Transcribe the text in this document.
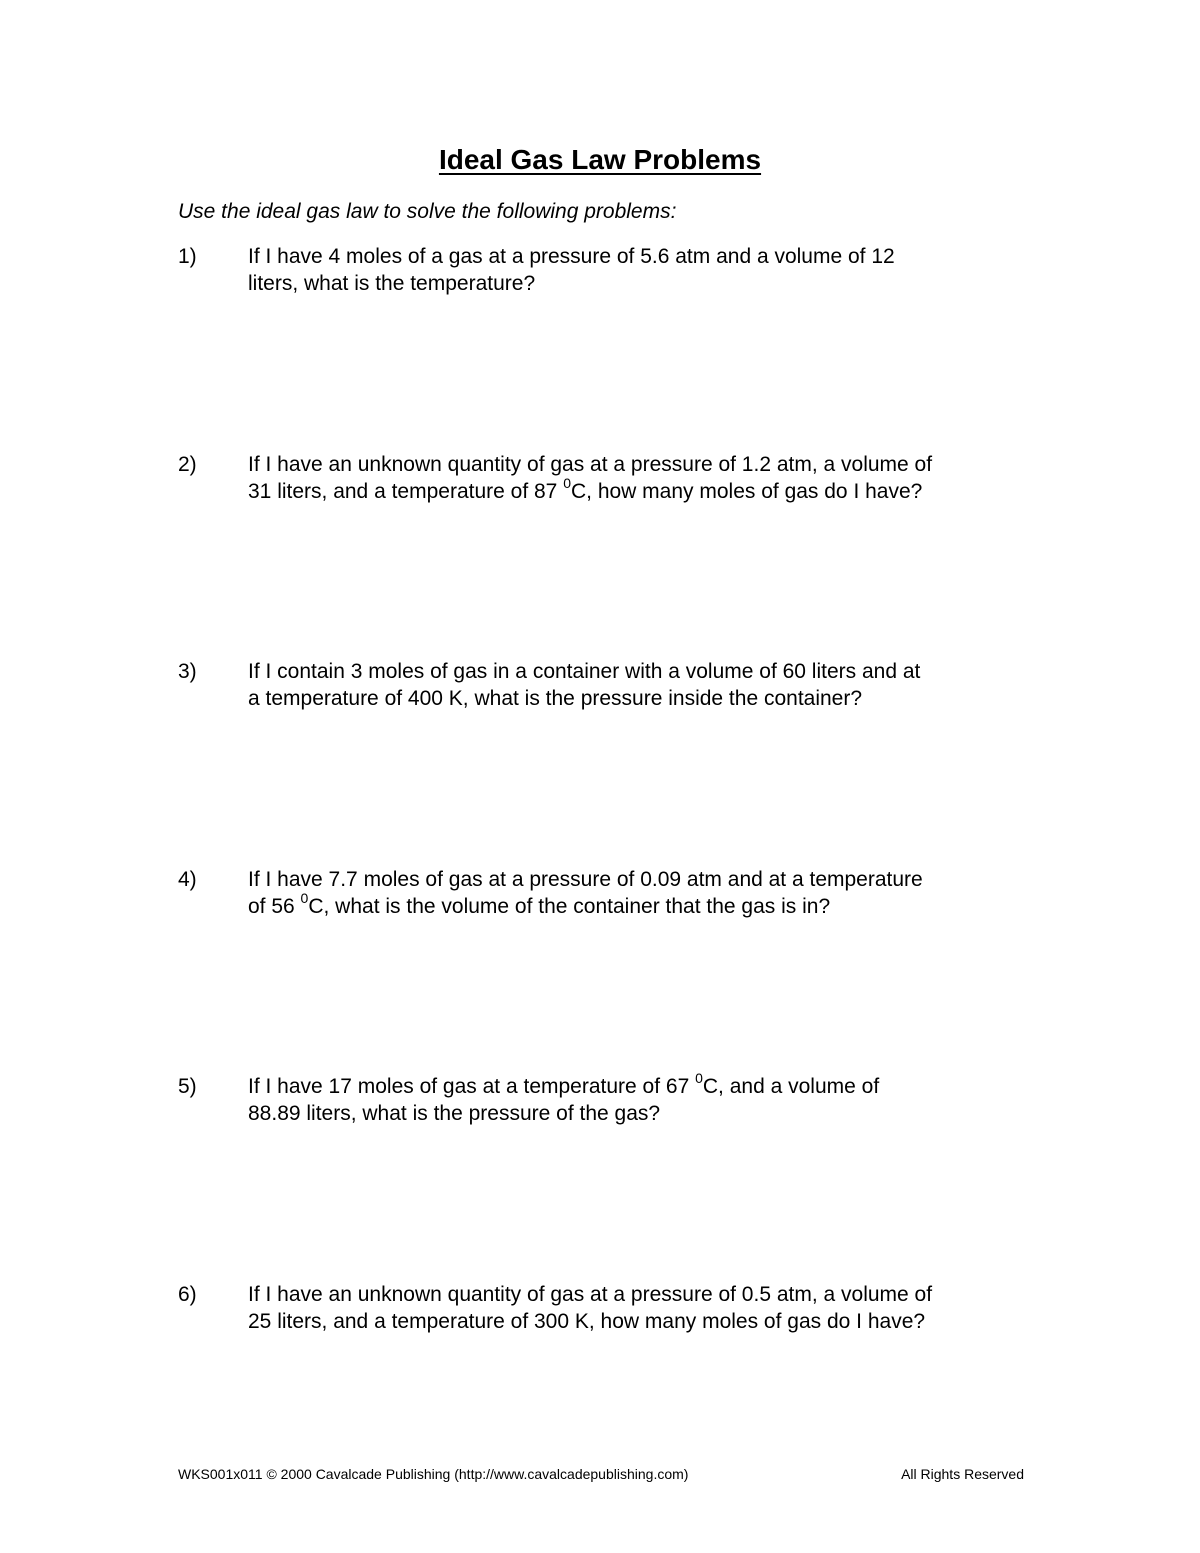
Ideal Gas Law Problems
Use the ideal gas law to solve the following problems:
1) If I have 4 moles of a gas at a pressure of 5.6 atm and a volume of 12
liters, what is the temperature?
2) If I have an unknown quantity of gas at a pressure of 1.2 atm, a volume of
31 liters, and a temperature of 87 $^0$C, how many moles of gas do I have?
3) If I contain 3 moles of gas in a container with a volume of 60 liters and at
a temperature of 400 K, what is the pressure inside the container?
4) If I have 7.7 moles of gas at a pressure of 0.09 atm and at a temperature
of 56 $^0$C, what is the volume of the container that the gas is in?
5) If I have 17 moles of gas at a temperature of 67 $^0$C, and a volume of
88.89 liters, what is the pressure of the gas?
6) If I have an unknown quantity of gas at a pressure of 0.5 atm, a volume of
25 liters, and a temperature of 300 K, how many moles of gas do I have?
WKS001x011 © 2000 Cavalcade Publishing (http://www.cavalcadepublishing.com)	All Rights Reserved
